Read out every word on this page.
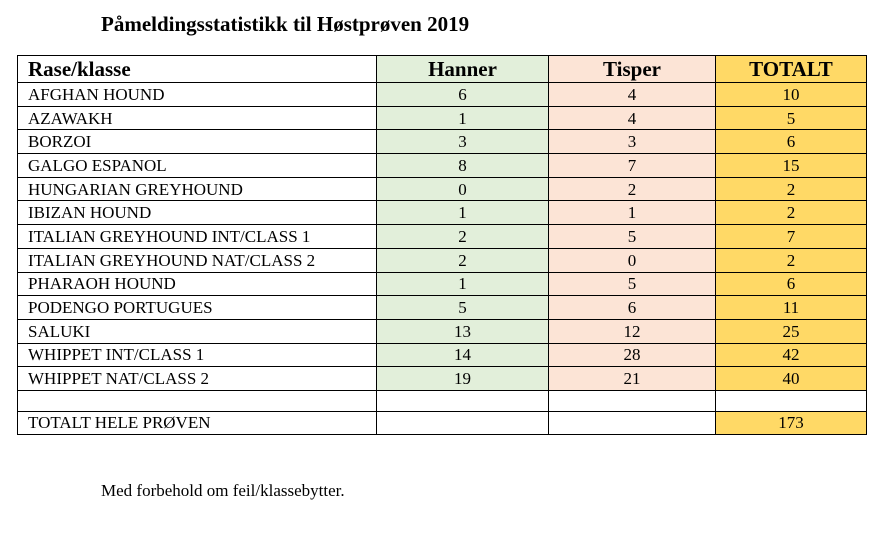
Påmeldingsstatistikk til Høstprøven 2019
Rase/klasse	Hanner	Tisper	TOTALT
AFGHAN HOUND	6	4	10
AZAWAKH	1	4	5
BORZOI	3	3	6
GALGO ESPANOL	8	7	15
HUNGARIAN GREYHOUND	0	2	2
IBIZAN HOUND	1	1	2
ITALIAN GREYHOUND INT/CLASS 1	2	5	7
ITALIAN GREYHOUND NAT/CLASS 2	2	0	2
PHARAOH HOUND	1	5	6
PODENGO PORTUGUES	5	6	11
SALUKI	13	12	25
WHIPPET INT/CLASS 1	14	28	42
WHIPPET NAT/CLASS 2	19	21	40

TOTALT HELE PRØVEN			173
Med forbehold om feil/klassebytter.
